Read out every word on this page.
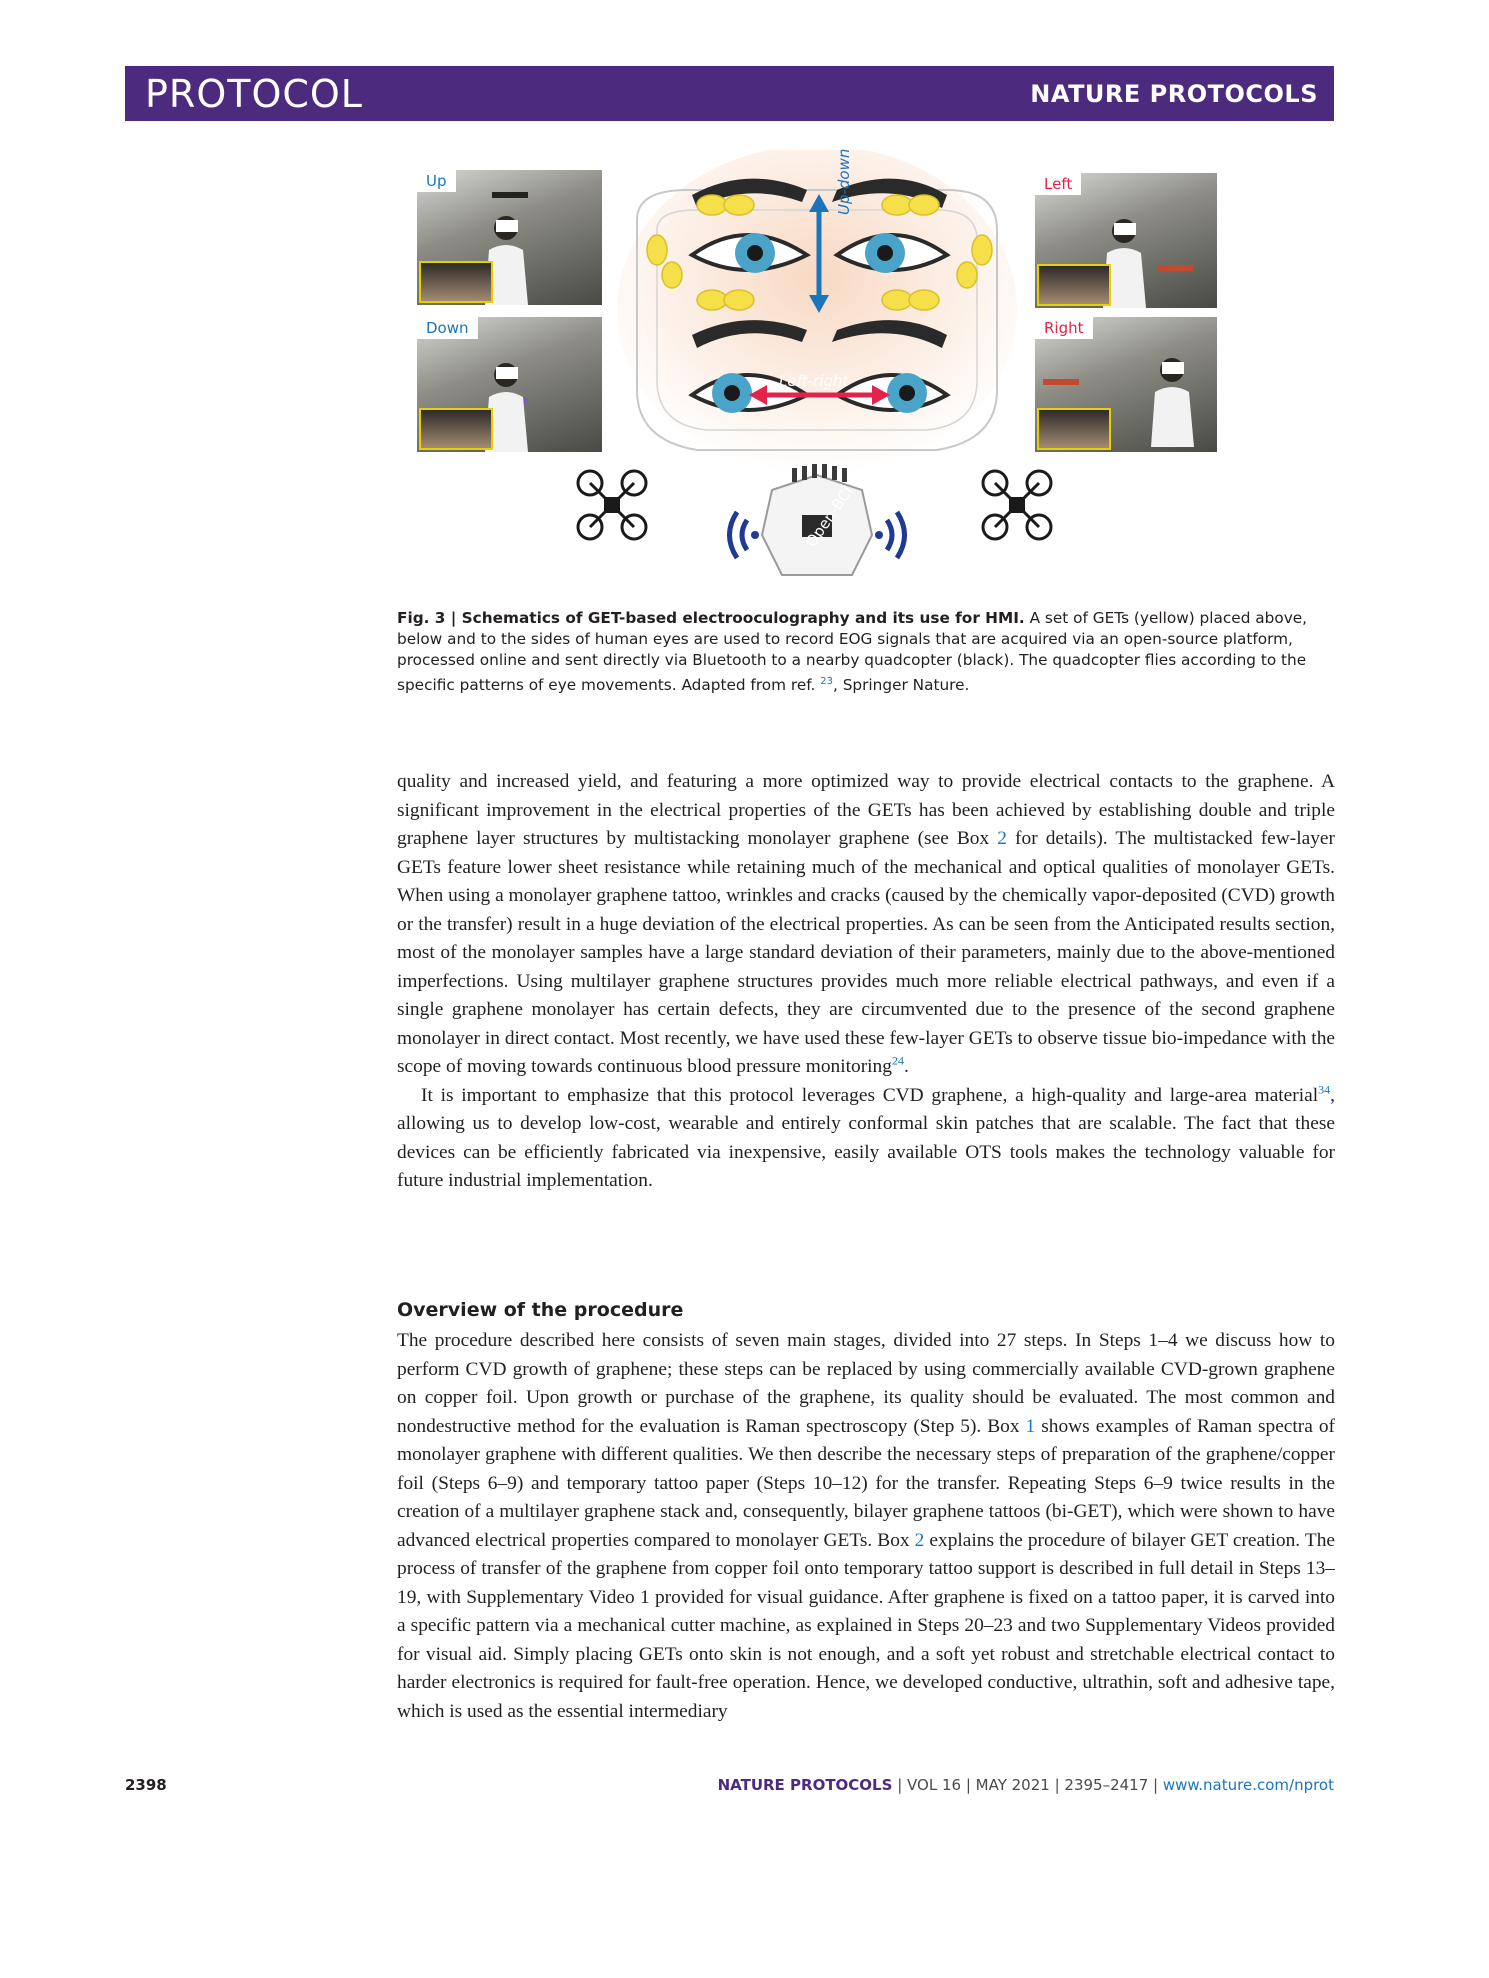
PROTOCOL	NATURE PROTOCOLS
Up
Down
Left
Right
Up-down
Left-right
Open-BCI
Fig. 3 | Schematics of GET-based electrooculography and its use for HMI. A set of GETs (yellow) placed above, below and to the sides of human eyes are used to record EOG signals that are acquired via an open-source platform, processed online and sent directly via Bluetooth to a nearby quadcopter (black). The quadcopter flies according to the specific patterns of eye movements. Adapted from ref. $^{23}$, Springer Nature.

quality and increased yield, and featuring a more optimized way to provide electrical contacts to the graphene. A significant improvement in the electrical properties of the GETs has been achieved by establishing double and triple graphene layer structures by multistacking monolayer graphene (see Box 2 for details). The multistacked few-layer GETs feature lower sheet resistance while retaining much of the mechanical and optical qualities of monolayer GETs. When using a monolayer graphene tattoo, wrinkles and cracks (caused by the chemically vapor-deposited (CVD) growth or the transfer) result in a huge deviation of the electrical properties. As can be seen from the Anticipated results section, most of the monolayer samples have a large standard deviation of their parameters, mainly due to the above-mentioned imperfections. Using multilayer graphene structures provides much more reliable electrical pathways, and even if a single graphene monolayer has certain defects, they are circumvented due to the presence of the second graphene monolayer in direct contact. Most recently, we have used these few-layer GETs to observe tissue bio-impedance with the scope of moving towards continuous blood pressure monitoring$^{24}$.

It is important to emphasize that this protocol leverages CVD graphene, a high-quality and large-area material$^{34}$, allowing us to develop low-cost, wearable and entirely conformal skin patches that are scalable. The fact that these devices can be efficiently fabricated via inexpensive, easily available OTS tools makes the technology valuable for future industrial implementation.

Overview of the procedure
The procedure described here consists of seven main stages, divided into 27 steps. In Steps 1–4 we discuss how to perform CVD growth of graphene; these steps can be replaced by using commercially available CVD-grown graphene on copper foil. Upon growth or purchase of the graphene, its quality should be evaluated. The most common and nondestructive method for the evaluation is Raman spectroscopy (Step 5). Box 1 shows examples of Raman spectra of monolayer graphene with different qualities. We then describe the necessary steps of preparation of the graphene/copper foil (Steps 6–9) and temporary tattoo paper (Steps 10–12) for the transfer. Repeating Steps 6–9 twice results in the creation of a multilayer graphene stack and, consequently, bilayer graphene tattoos (bi-GET), which were shown to have advanced electrical properties compared to monolayer GETs. Box 2 explains the procedure of bilayer GET creation. The process of transfer of the graphene from copper foil onto temporary tattoo support is described in full detail in Steps 13–19, with Supplementary Video 1 provided for visual guidance. After graphene is fixed on a tattoo paper, it is carved into a specific pattern via a mechanical cutter machine, as explained in Steps 20–23 and two Supplementary Videos provided for visual aid. Simply placing GETs onto skin is not enough, and a soft yet robust and stretchable electrical contact to harder electronics is required for fault-free operation. Hence, we developed conductive, ultrathin, soft and adhesive tape, which is used as the essential intermediary
2398	NATURE PROTOCOLS | VOL 16 | MAY 2021 | 2395–2417 | www.nature.com/nprot
